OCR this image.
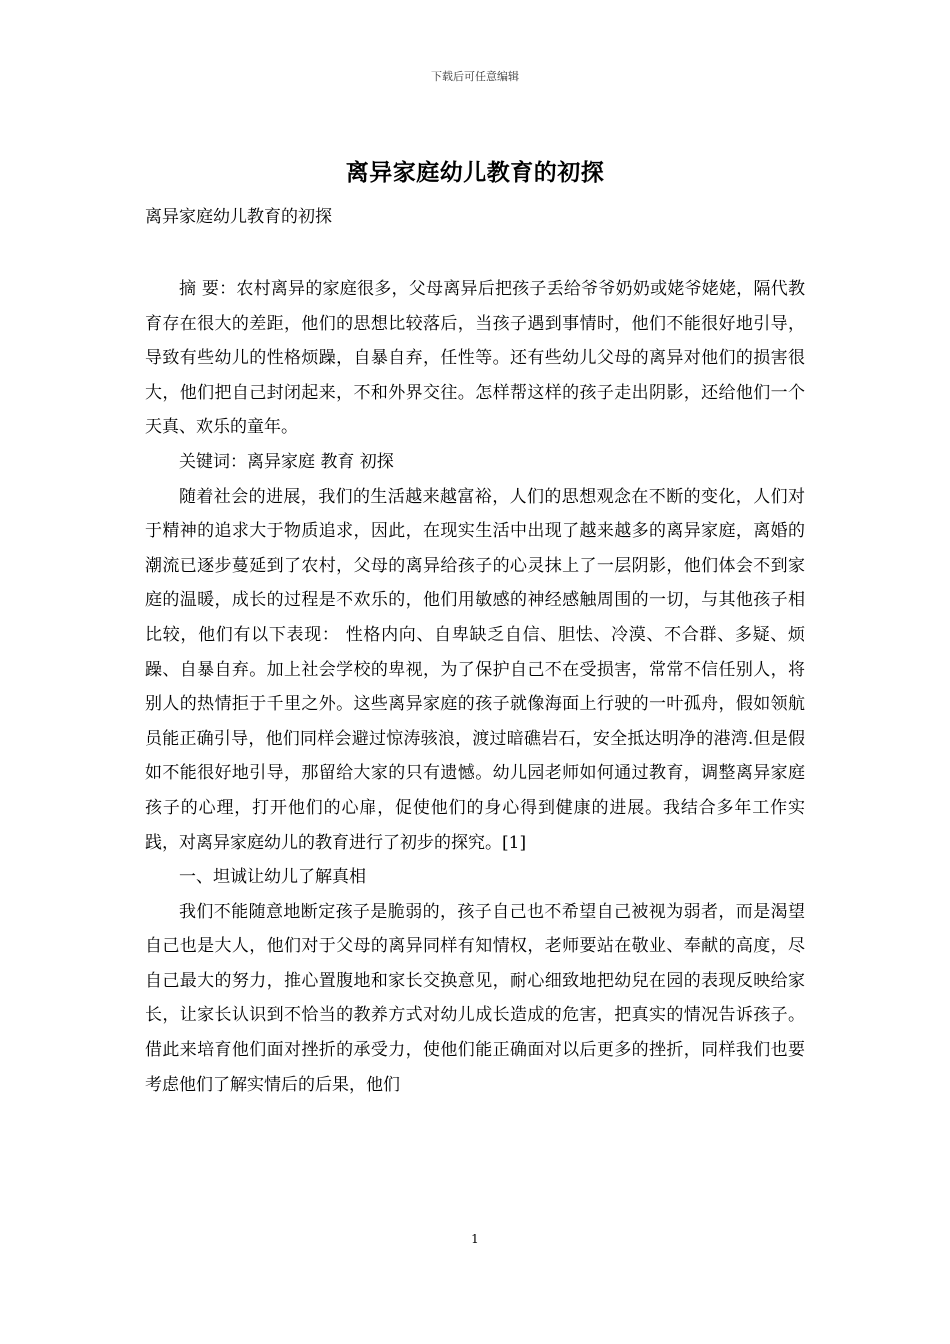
下载后可任意编辑
离异家庭幼儿教育的初探

离异家庭幼儿教育的初探

摘 要：农村离异的家庭很多，父母离异后把孩子丢给爷爷奶奶或姥爷姥姥，隔代教育存在很大的差距，他们的思想比较落后，当孩子遇到事情时，他们不能很好地引导，导致有些幼儿的性格烦躁，自暴自弃，任性等。还有些幼儿父母的离异对他们的损害很大，他们把自己封闭起来，不和外界交往。怎样帮这样的孩子走出阴影，还给他们一个天真、欢乐的童年。

关键词：离异家庭 教育 初探

随着社会的进展，我们的生活越来越富裕，人们的思想观念在不断的变化，人们对于精神的追求大于物质追求，因此，在现实生活中出现了越来越多的离异家庭，离婚的潮流已逐步蔓延到了农村，父母的离异给孩子的心灵抹上了一层阴影，他们体会不到家庭的温暖，成长的过程是不欢乐的，他们用敏感的神经感触周围的一切，与其他孩子相比较，他们有以下表现： 性格内向、自卑缺乏自信、胆怯、冷漠、不合群、多疑、烦躁、自暴自弃。加上社会学校的卑视，为了保护自己不在受损害，常常不信任别人，将别人的热情拒于千里之外。这些离异家庭的孩子就像海面上行驶的一叶孤舟，假如领航员能正确引导，他们同样会避过惊涛骇浪，渡过暗礁岩石，安全抵达明净的港湾.但是假如不能很好地引导，那留给大家的只有遗憾。幼儿园老师如何通过教育，调整离异家庭孩子的心理，打开他们的心扉，促使他们的身心得到健康的进展。我结合多年工作实践，对离异家庭幼儿的教育进行了初步的探究。[1]

一、坦诚让幼儿了解真相

我们不能随意地断定孩子是脆弱的，孩子自己也不希望自己被视为弱者，而是渴望自己也是大人，他们对于父母的离异同样有知情权，老师要站在敬业、奉献的高度，尽自己最大的努力，推心置腹地和家长交换意见，耐心细致地把幼兒在园的表现反映给家长，让家长认识到不恰当的教养方式对幼儿成长造成的危害，把真实的情况告诉孩子。借此来培育他们面对挫折的承受力，使他们能正确面对以后更多的挫折，同样我们也要考虑他们了解实情后的后果，他们

1
